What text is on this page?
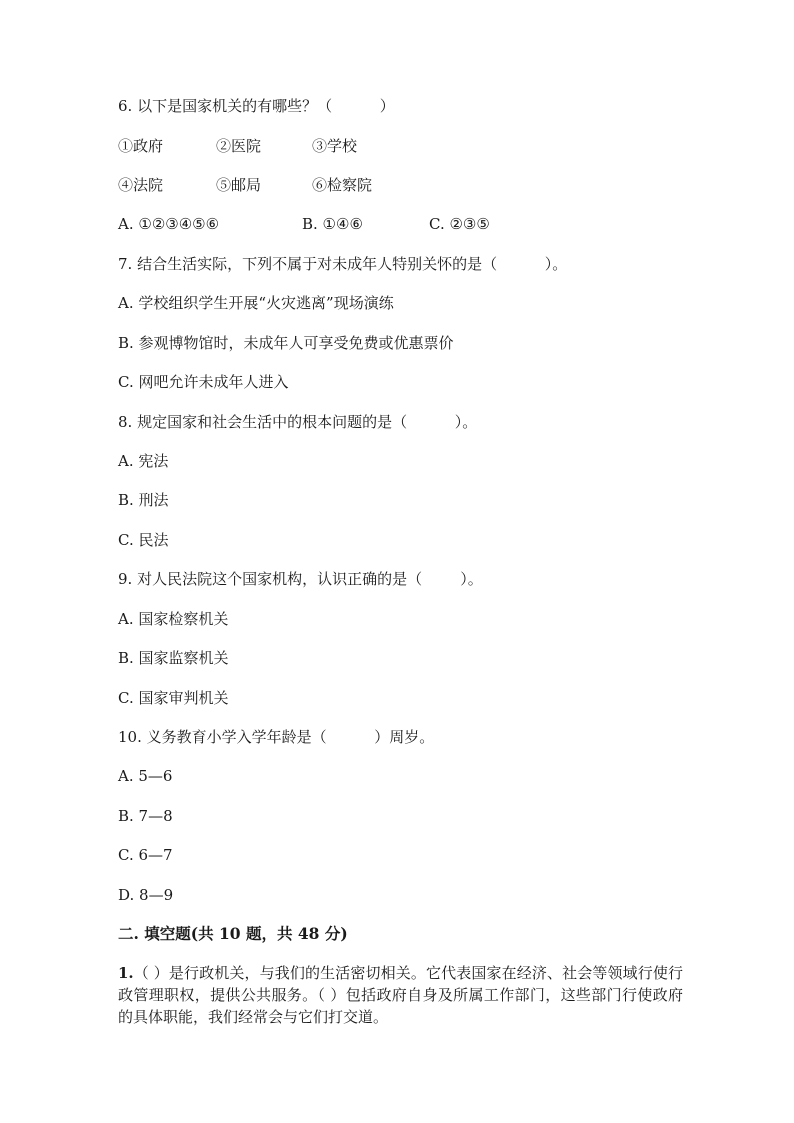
6. 以下是国家机关的有哪些？（          ）

①政府

	②医院

	③学校

④法院

	⑤邮局

	⑥检察院

A. ①②③④⑤⑥

	B. ①④⑥

	C. ②③⑤

7. 结合生活实际，下列不属于对未成年人特别关怀的是（          ）。
A. 学校组织学生开展“火灾逃离”现场演练
B. 参观博物馆时，未成年人可享受免费或优惠票价
C. 网吧允许未成年人进入
8. 规定国家和社会生活中的根本问题的是（          ）。
A. 宪法
B. 刑法
C. 民法
9. 对人民法院这个国家机构，认识正确的是（        ）。
A. 国家检察机关
B. 国家监察机关
C. 国家审判机关
10. 义务教育小学入学年龄是（          ）周岁。
A. 5—6
B. 7—8
C. 6—7
D. 8—9
二. 填空题(共 10 题，共 48 分)
1.（ ）是行政机关，与我们的生活密切相关。它代表国家在经济、社会等领域行使行政管理职权，提供公共服务。（ ）包括政府自身及所属工作部门，这些部门行使政府的具体职能，我们经常会与它们打交道。
